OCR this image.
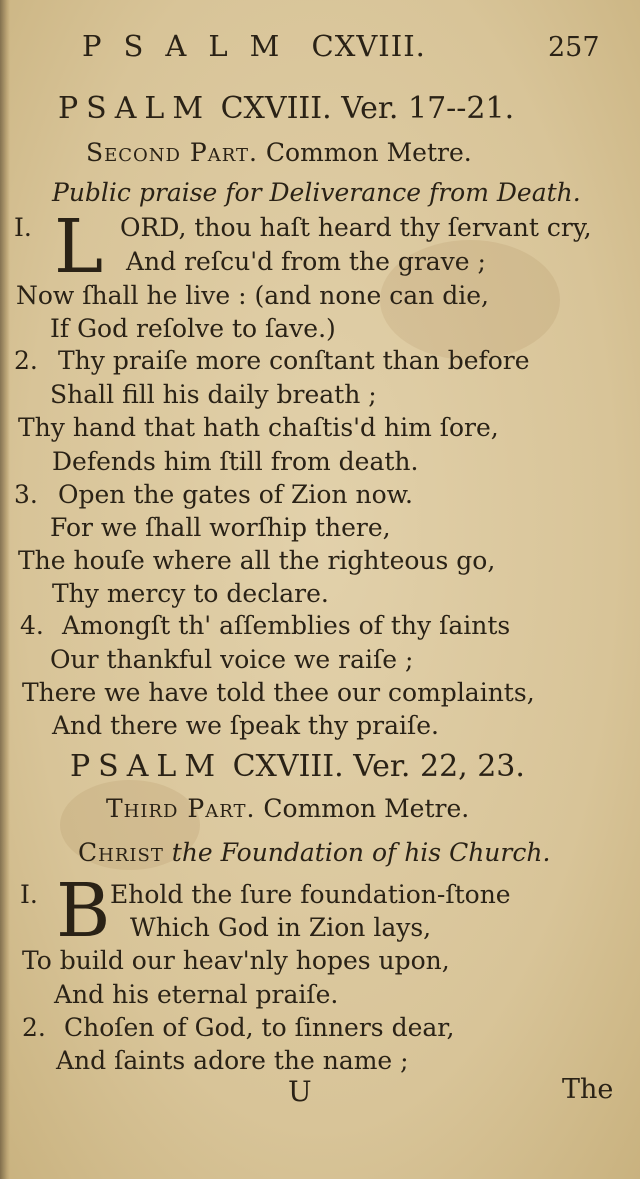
PSALM CXVIII.	257
PSALM CXVIII. Ver. 17--21.
Second Part. Common Metre.
Public praise for Deliverance from Death.
I. L ORD, thou haſt heard thy ſervant cry,
And reſcu'd from the grave ;
Now ſhall he live : (and none can die,
If God reſolve to ſave.)
2. Thy praiſe more conſtant than before
Shall fill his daily breath ;
Thy hand that hath chaſtis'd him ſore,
Defends him ſtill from death.
3. Open the gates of Zion now.
For we ſhall worſhip there,
The houſe where all the righteous go,
Thy mercy to declare.
4. Amongſt th' aſſemblies of thy ſaints
Our thankful voice we raiſe ;
There we have told thee our complaints,
And there we ſpeak thy praiſe.
PSALM CXVIII. Ver. 22, 23.
Third Part. Common Metre.
Christ the Foundation of his Church.
I. B Ehold the ſure foundation-ſtone
Which God in Zion lays,
To build our heav'nly hopes upon,
And his eternal praiſe.
2. Choſen of God, to ſinners dear,
And ſaints adore the name ;
U	The
